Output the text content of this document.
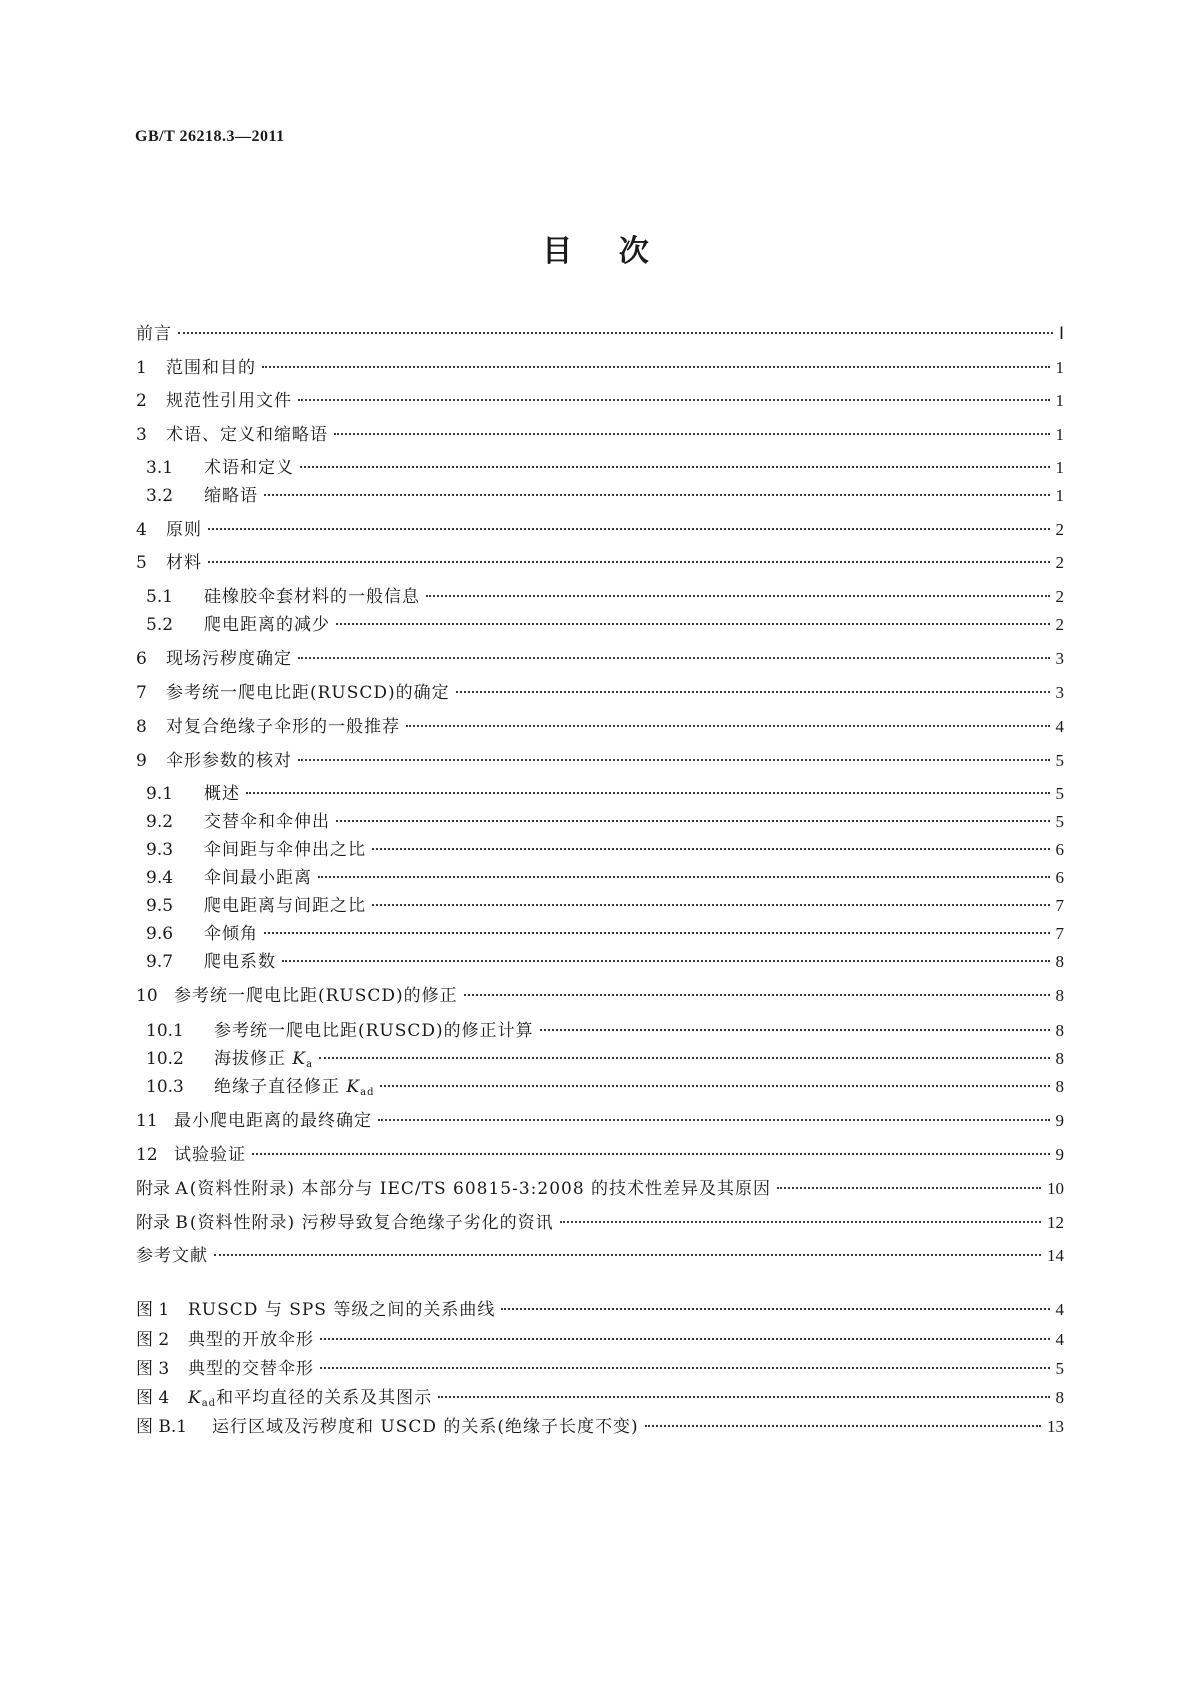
GB/T 26218.3—2011
目 次
前言	Ⅰ
1	范围和目的	1
2	规范性引用文件	1
3	术语、定义和缩略语	1
3.1	术语和定义	1
3.2	缩略语	1
4	原则	2
5	材料	2
5.1	硅橡胶伞套材料的一般信息	2
5.2	爬电距离的减少	2
6	现场污秽度确定	3
7	参考统一爬电比距(RUSCD)的确定	3
8	对复合绝缘子伞形的一般推荐	4
9	伞形参数的核对	5
9.1	概述	5
9.2	交替伞和伞伸出	5
9.3	伞间距与伞伸出之比	6
9.4	伞间最小距离	6
9.5	爬电距离与间距之比	7
9.6	伞倾角	7
9.7	爬电系数	8
10 参考统一爬电比距(RUSCD)的修正	8
10.1	参考统一爬电比距(RUSCD)的修正计算	8
10.2	海拔修正 $K_a$	8
10.3	绝缘子直径修正 $K_{ad}$	8
11 最小爬电距离的最终确定	9
12 试验验证	9
附录 A (资料性附录) 本部分与 IEC/TS 60815-3:2008 的技术性差异及其原因	10
附录 B (资料性附录) 污秽导致复合绝缘子劣化的资讯	12
参考文献	14
图 1	RUSCD 与 SPS 等级之间的关系曲线	4
图 2	典型的开放伞形	4
图 3	典型的交替伞形	5
图 4	$K_{ad}$和平均直径的关系及其图示	8
图 B.1	运行区域及污秽度和 USCD 的关系(绝缘子长度不变)	13
